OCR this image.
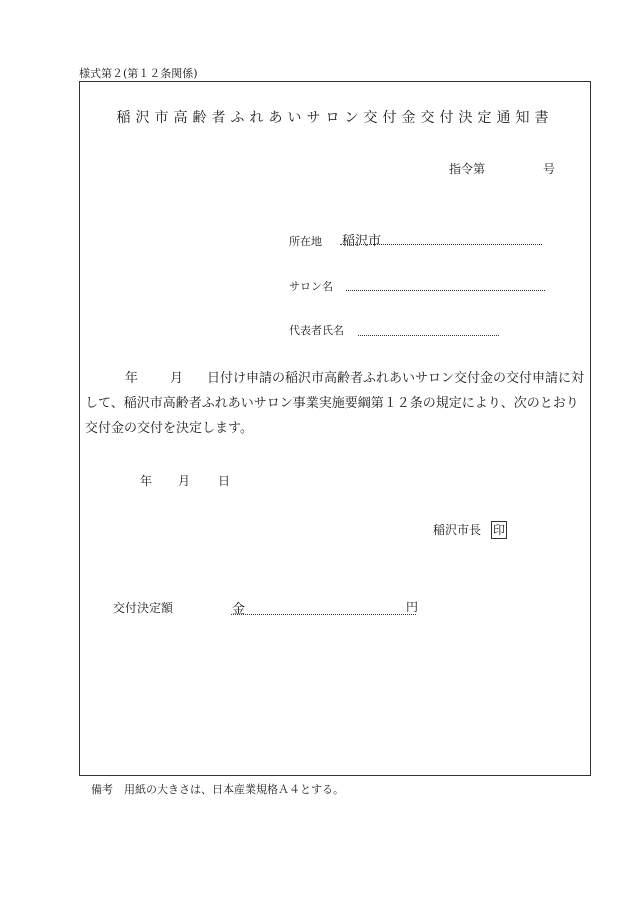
様式第２(第１２条関係)
稲沢市高齢者ふれあいサロン交付金交付決定通知書
指令第	号
所在地 稲沢市
サロン名
代表者氏名
年 月 日付け申請の稲沢市高齢者ふれあいサロン交付金の交付申請に対して、稲沢市高齢者ふれあいサロン事業実施要綱第１２条の規定により、次のとおり交付金の交付を決定します。
年 月 日
稲沢市長 印
交付決定額	金	円
備考　用紙の大きさは、日本産業規格Ａ４とする。
